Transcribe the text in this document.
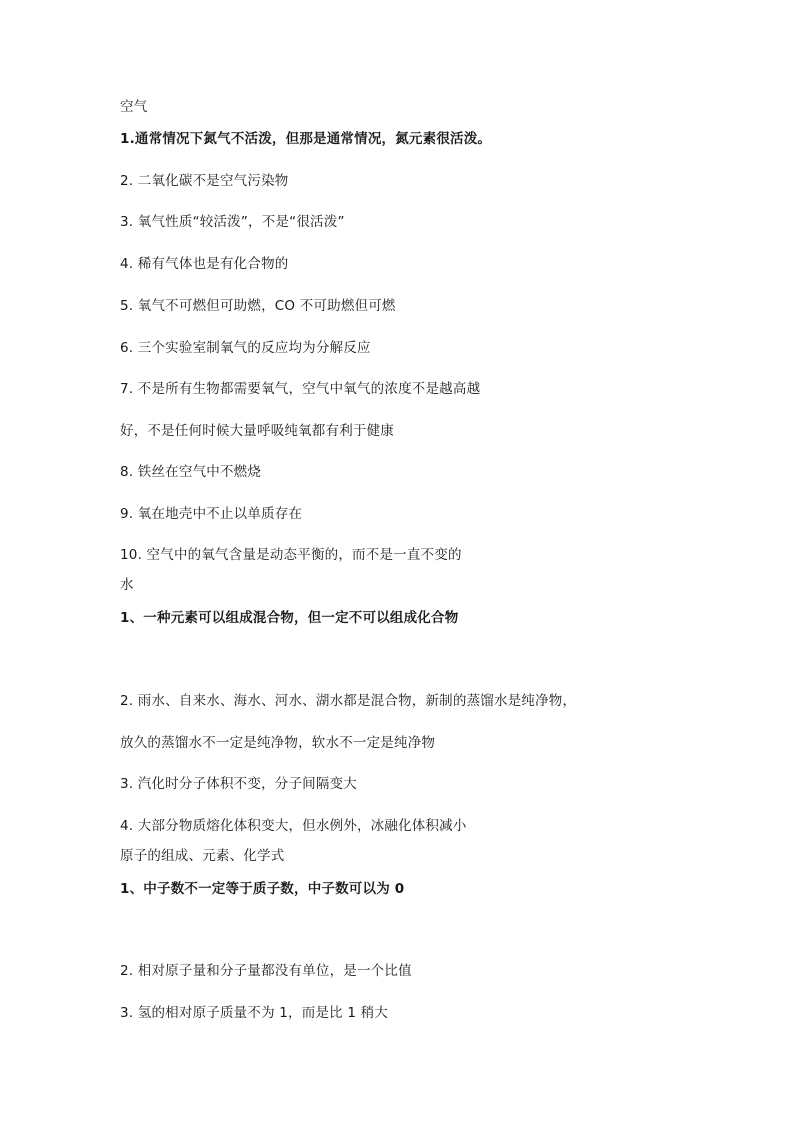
空气
1.通常情况下氮气不活泼，但那是通常情况，氮元素很活泼。
2. 二氧化碳不是空气污染物
3. 氧气性质“较活泼”，不是“很活泼”
4. 稀有气体也是有化合物的
5. 氧气不可燃但可助燃，CO 不可助燃但可燃
6. 三个实验室制氧气的反应均为分解反应
7. 不是所有生物都需要氧气，空气中氧气的浓度不是越高越
好，不是任何时候大量呼吸纯氧都有利于健康
8. 铁丝在空气中不燃烧
9. 氧在地壳中不止以单质存在
10. 空气中的氧气含量是动态平衡的，而不是一直不变的
水
1、一种元素可以组成混合物，但一定不可以组成化合物
2. 雨水、自来水、海水、河水、湖水都是混合物，新制的蒸馏水是纯净物，
放久的蒸馏水不一定是纯净物，软水不一定是纯净物
3. 汽化时分子体积不变，分子间隔变大
4. 大部分物质熔化体积变大，但水例外，冰融化体积减小
原子的组成、元素、化学式
1、中子数不一定等于质子数，中子数可以为 0
2. 相对原子量和分子量都没有单位，是一个比值
3. 氢的相对原子质量不为 1，而是比 1 稍大
